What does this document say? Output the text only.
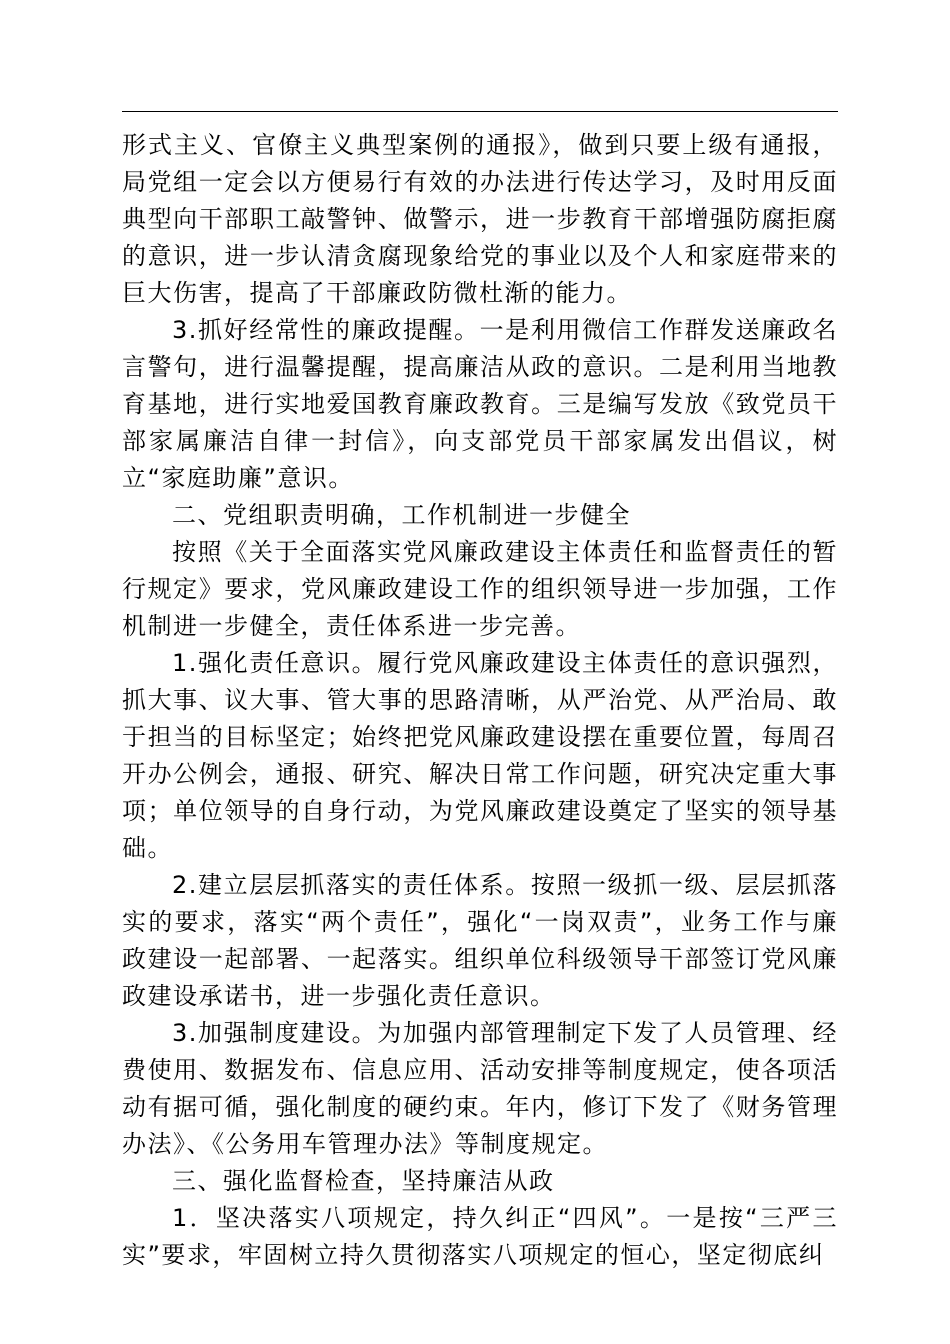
形式主义、官僚主义典型案例的通报》，做到只要上级有通报，局党组一定会以方便易行有效的办法进行传达学习，及时用反面典型向干部职工敲警钟、做警示，进一步教育干部增强防腐拒腐的意识，进一步认清贪腐现象给党的事业以及个人和家庭带来的巨大伤害，提高了干部廉政防微杜渐的能力。

3.抓好经常性的廉政提醒。一是利用微信工作群发送廉政名言警句，进行温馨提醒，提高廉洁从政的意识。二是利用当地教育基地，进行实地爱国教育廉政教育。三是编写发放《致党员干部家属廉洁自律一封信》，向支部党员干部家属发出倡议，树立“家庭助廉”意识。

二、党组职责明确，工作机制进一步健全

按照《关于全面落实党风廉政建设主体责任和监督责任的暂行规定》要求，党风廉政建设工作的组织领导进一步加强，工作机制进一步健全，责任体系进一步完善。

1.强化责任意识。履行党风廉政建设主体责任的意识强烈，抓大事、议大事、管大事的思路清晰，从严治党、从严治局、敢于担当的目标坚定；始终把党风廉政建设摆在重要位置，每周召开办公例会，通报、研究、解决日常工作问题，研究决定重大事项；单位领导的自身行动，为党风廉政建设奠定了坚实的领导基础。

2.建立层层抓落实的责任体系。按照一级抓一级、层层抓落实的要求，落实“两个责任”，强化“一岗双责”，业务工作与廉政建设一起部署、一起落实。组织单位科级领导干部签订党风廉政建设承诺书，进一步强化责任意识。

3.加强制度建设。为加强内部管理制定下发了人员管理、经费使用、数据发布、信息应用、活动安排等制度规定，使各项活动有据可循，强化制度的硬约束。年内，修订下发了《财务管理办法》、《公务用车管理办法》等制度规定。

三、强化监督检查，坚持廉洁从政

1．坚决落实八项规定，持久纠正“四风”。一是按“三严三实”要求，牢固树立持久贯彻落实八项规定的恒心，坚定彻底纠
